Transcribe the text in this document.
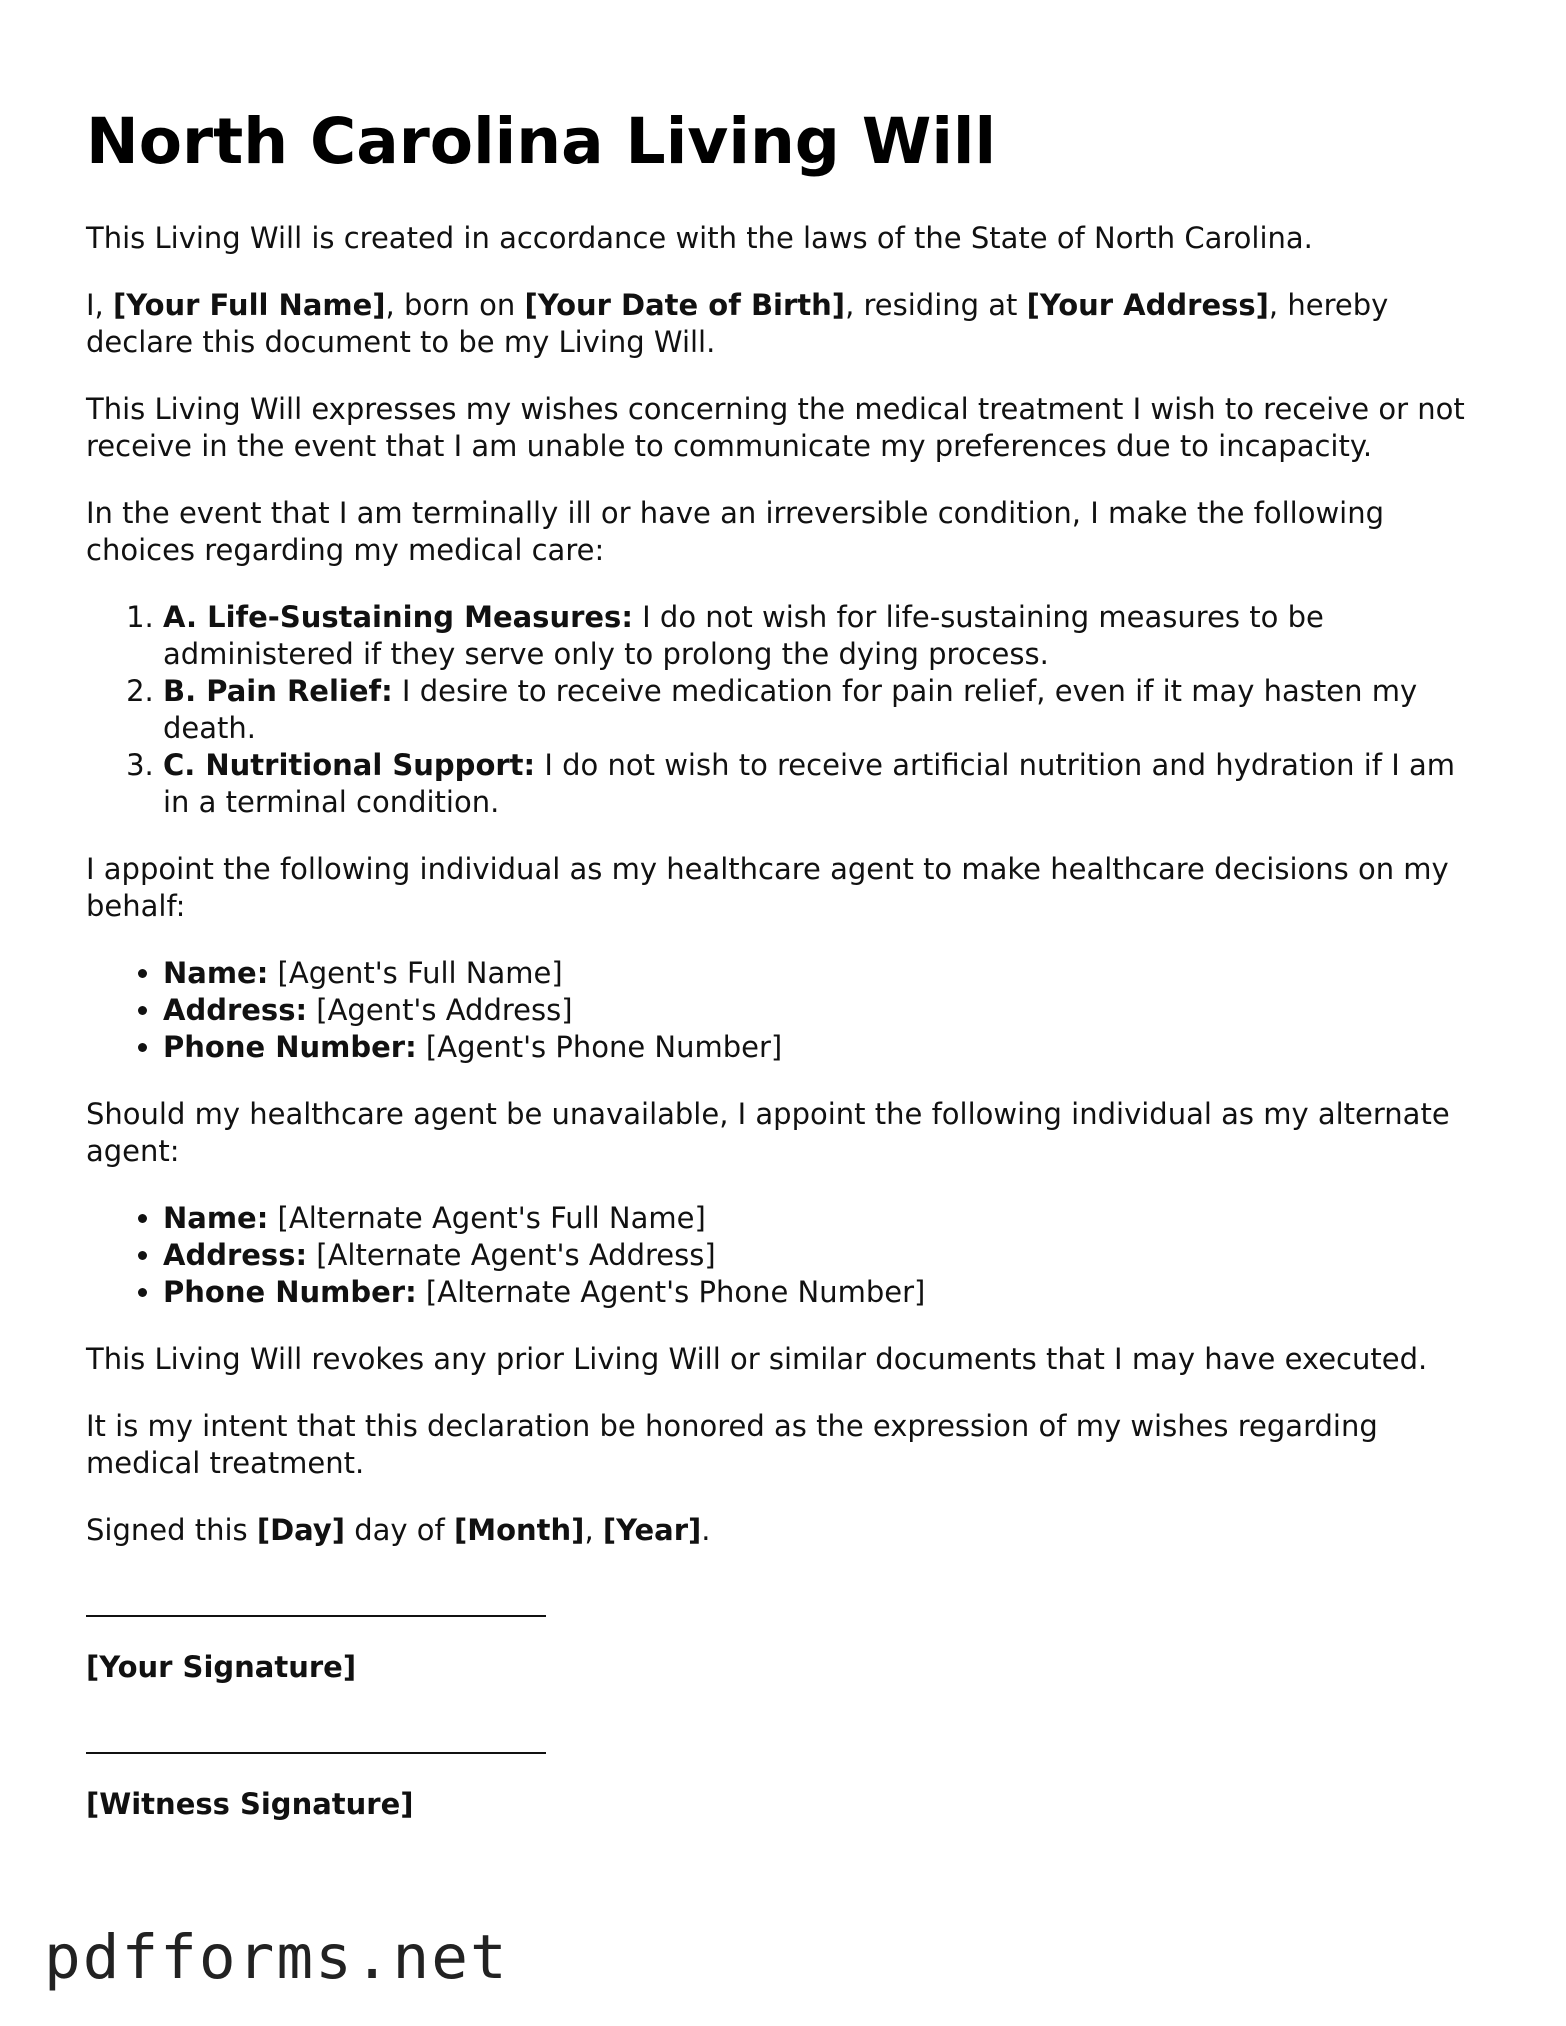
North Carolina Living Will

This Living Will is created in accordance with the laws of the State of North Carolina.

I, [Your Full Name], born on [Your Date of Birth], residing at [Your Address], hereby declare this document to be my Living Will.

This Living Will expresses my wishes concerning the medical treatment I wish to receive or not receive in the event that I am unable to communicate my preferences due to incapacity.

In the event that I am terminally ill or have an irreversible condition, I make the following choices regarding my medical care:

1. A. Life-Sustaining Measures: I do not wish for life-sustaining measures to be administered if they serve only to prolong the dying process.
2. B. Pain Relief: I desire to receive medication for pain relief, even if it may hasten my death.
3. C. Nutritional Support: I do not wish to receive artificial nutrition and hydration if I am in a terminal condition.

I appoint the following individual as my healthcare agent to make healthcare decisions on my behalf:

• Name: [Agent's Full Name]
• Address: [Agent's Address]
• Phone Number: [Agent's Phone Number]

Should my healthcare agent be unavailable, I appoint the following individual as my alternate agent:

• Name: [Alternate Agent's Full Name]
• Address: [Alternate Agent's Address]
• Phone Number: [Alternate Agent's Phone Number]

This Living Will revokes any prior Living Will or similar documents that I may have executed.

It is my intent that this declaration be honored as the expression of my wishes regarding medical treatment.

Signed this [Day] day of [Month], [Year].

[Your Signature]
[Witness Signature]
pdfforms.net
